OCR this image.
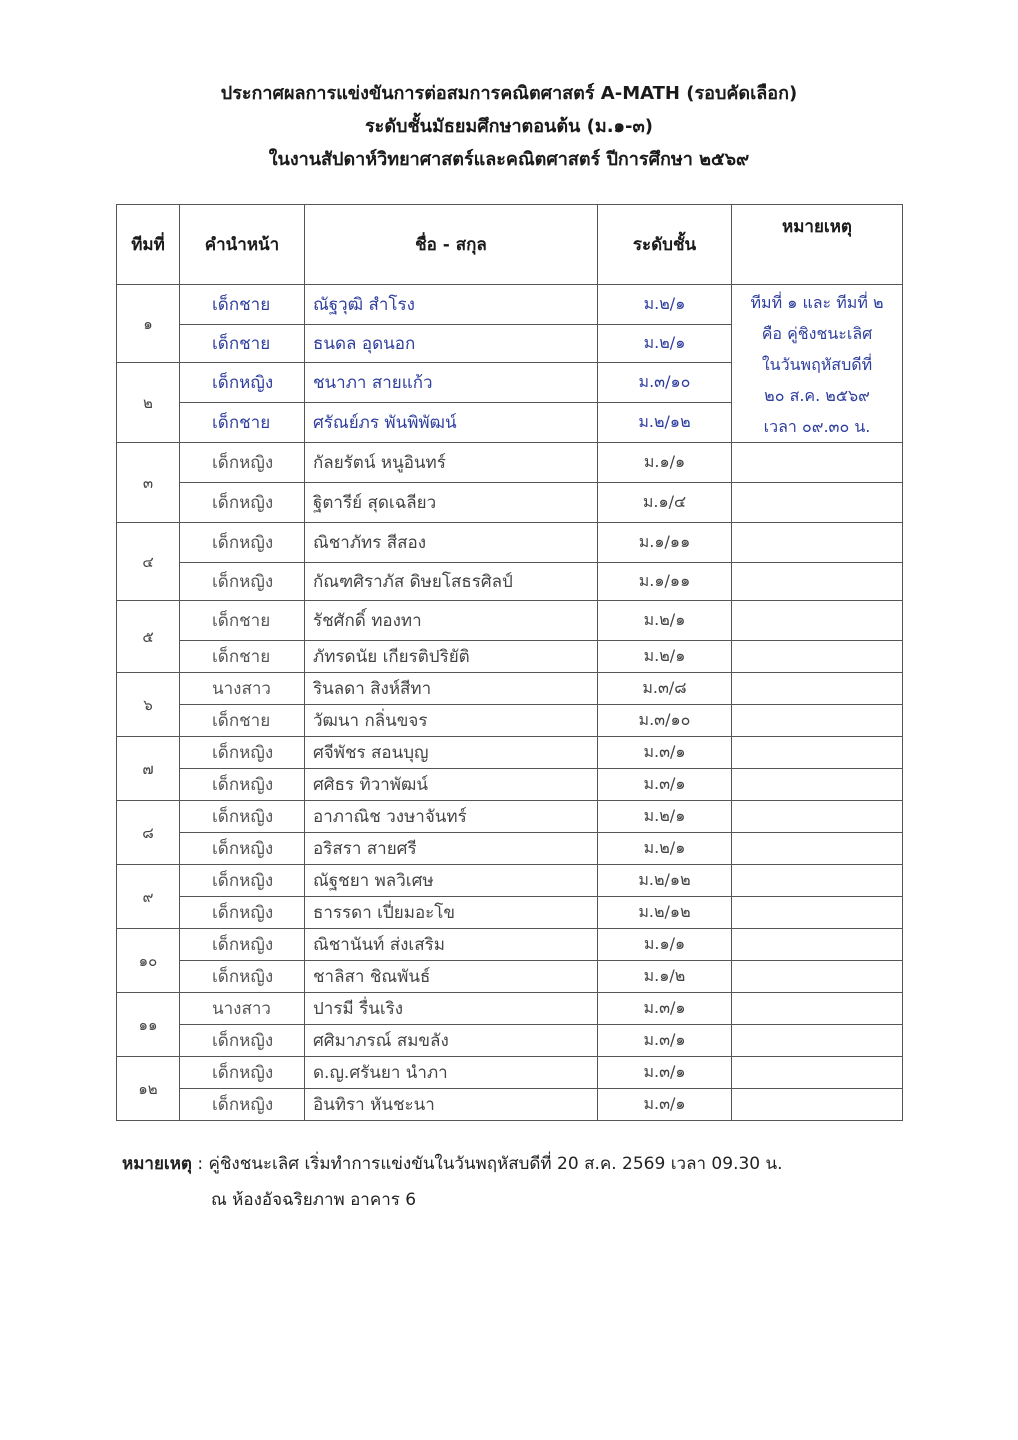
ประกาศผลการแข่งขันการต่อสมการคณิตศาสตร์ A-MATH (รอบคัดเลือก)
ระดับชั้นมัธยมศึกษาตอนต้น (ม.๑-๓)
ในงานสัปดาห์วิทยาศาสตร์และคณิตศาสตร์ ปีการศึกษา ๒๕๖๙
ทีมที่	คำนำหน้า	ชื่อ - สกุล	ระดับชั้น	หมายเหตุ
๑	เด็กชาย	ณัฐวุฒิ สำโรง	ม.๒/๑	ทีมที่ ๑ และ ทีมที่ ๒
คือ คู่ชิงชนะเลิศ
ในวันพฤหัสบดีที่
๒๐ ส.ค. ๒๕๖๙
เวลา ๐๙.๓๐ น.

	เด็กชาย	ธนดล อุดนอก	ม.๒/๑	
๒	เด็กหญิง	ชนาภา สายแก้ว	ม.๓/๑๐	
	เด็กชาย	ศรัณย์ภร พันพิพัฒน์	ม.๒/๑๒	
๓	เด็กหญิง	กัลยรัตน์ หนูอินทร์	ม.๑/๑	
	เด็กหญิง	ฐิตารีย์ สุดเฉลียว	ม.๑/๔	
๔	เด็กหญิง	ณิชาภัทร สีสอง	ม.๑/๑๑	
	เด็กหญิง	กัณฑศิราภัส ดิษยโสธรศิลป์	ม.๑/๑๑	
๕	เด็กชาย	รัชศักดิ์ ทองทา	ม.๒/๑	
	เด็กชาย	ภัทรดนัย เกียรติปริยัติ	ม.๒/๑	
๖	นางสาว	รินลดา สิงห์สีทา	ม.๓/๘	
	เด็กชาย	วัฒนา กลิ่นขจร	ม.๓/๑๐	
๗	เด็กหญิง	ศจีพัชร สอนบุญ	ม.๓/๑	
	เด็กหญิง	ศศิธร ทิวาพัฒน์	ม.๓/๑	
๘	เด็กหญิง	อาภาณิช วงษาจันทร์	ม.๒/๑	
	เด็กหญิง	อริสรา สายศรี	ม.๒/๑	
๙	เด็กหญิง	ณัฐชยา พลวิเศษ	ม.๒/๑๒	
	เด็กหญิง	ธารรดา เปี่ยมอะโข	ม.๒/๑๒	
๑๐	เด็กหญิง	ณิชานันท์ ส่งเสริม	ม.๑/๑	
	เด็กหญิง	ชาลิสา ชิณพันธ์	ม.๑/๒	
๑๑	นางสาว	ปารมี รื่นเริง	ม.๓/๑	
	เด็กหญิง	ศศิมาภรณ์ สมขลัง	ม.๓/๑	
๑๒	เด็กหญิง	ด.ญ.ศรันยา นำภา	ม.๓/๑	
	เด็กหญิง	อินทิรา หันชะนา	ม.๓/๑	
หมายเหตุ : คู่ชิงชนะเลิศ เริ่มทำการแข่งขันในวันพฤหัสบดีที่ 20 ส.ค. 2569 เวลา 09.30 น.
ณ ห้องอัจฉริยภาพ อาคาร 6
